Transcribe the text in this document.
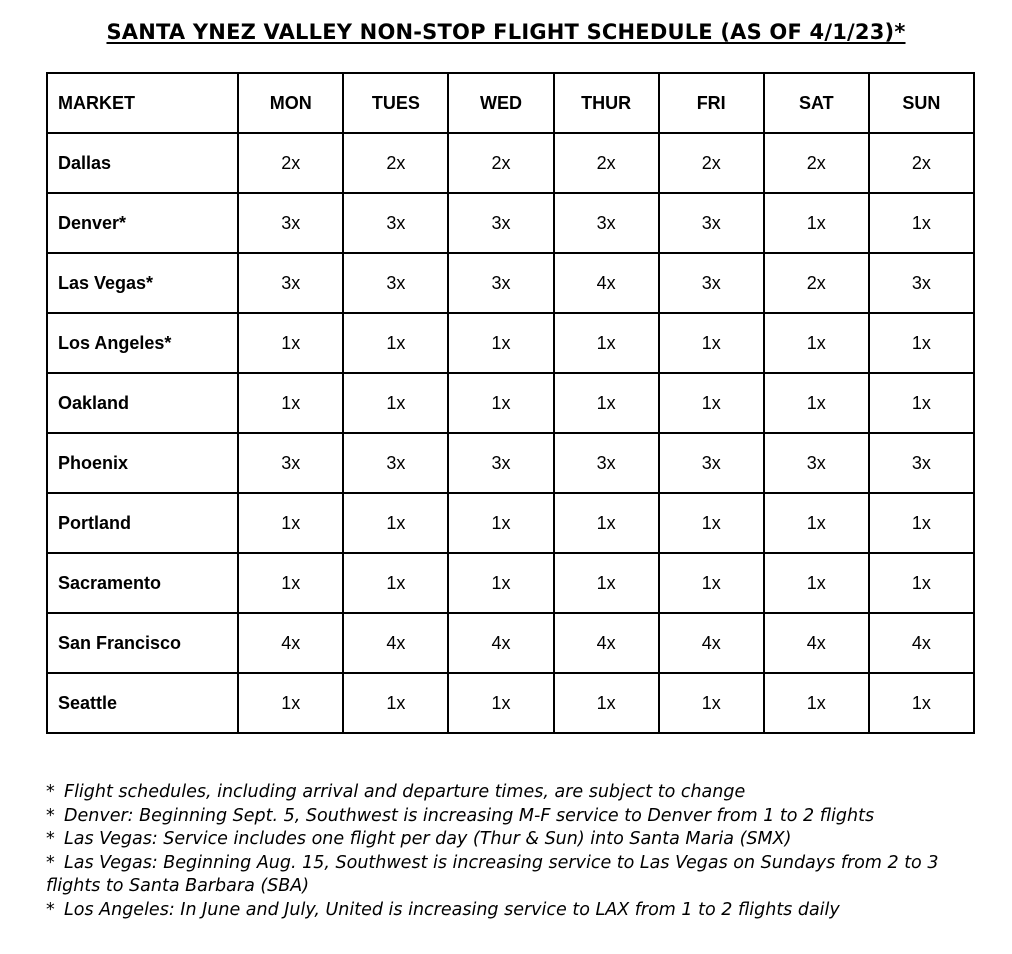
SANTA YNEZ VALLEY NON-STOP FLIGHT SCHEDULE (AS OF 4/1/23)*
MARKET	MON	TUES	WED	THUR	FRI	SAT	SUN
Dallas	2x	2x	2x	2x	2x	2x	2x
Denver*	3x	3x	3x	3x	3x	1x	1x
Las Vegas*	3x	3x	3x	4x	3x	2x	3x
Los Angeles*	1x	1x	1x	1x	1x	1x	1x
Oakland	1x	1x	1x	1x	1x	1x	1x
Phoenix	3x	3x	3x	3x	3x	3x	3x
Portland	1x	1x	1x	1x	1x	1x	1x
Sacramento	1x	1x	1x	1x	1x	1x	1x
San Francisco	4x	4x	4x	4x	4x	4x	4x
Seattle	1x	1x	1x	1x	1x	1x	1x

* Flight schedules, including arrival and departure times, are subject to change

* Denver: Beginning Sept. 5, Southwest is increasing M-F service to Denver from 1 to 2 flights

* Las Vegas: Service includes one flight per day (Thur & Sun) into Santa Maria (SMX)

* Las Vegas: Beginning Aug. 15, Southwest is increasing service to Las Vegas on Sundays from 2 to 3 flights to Santa Barbara (SBA)

* Los Angeles: In June and July, United is increasing service to LAX from 1 to 2 flights daily
